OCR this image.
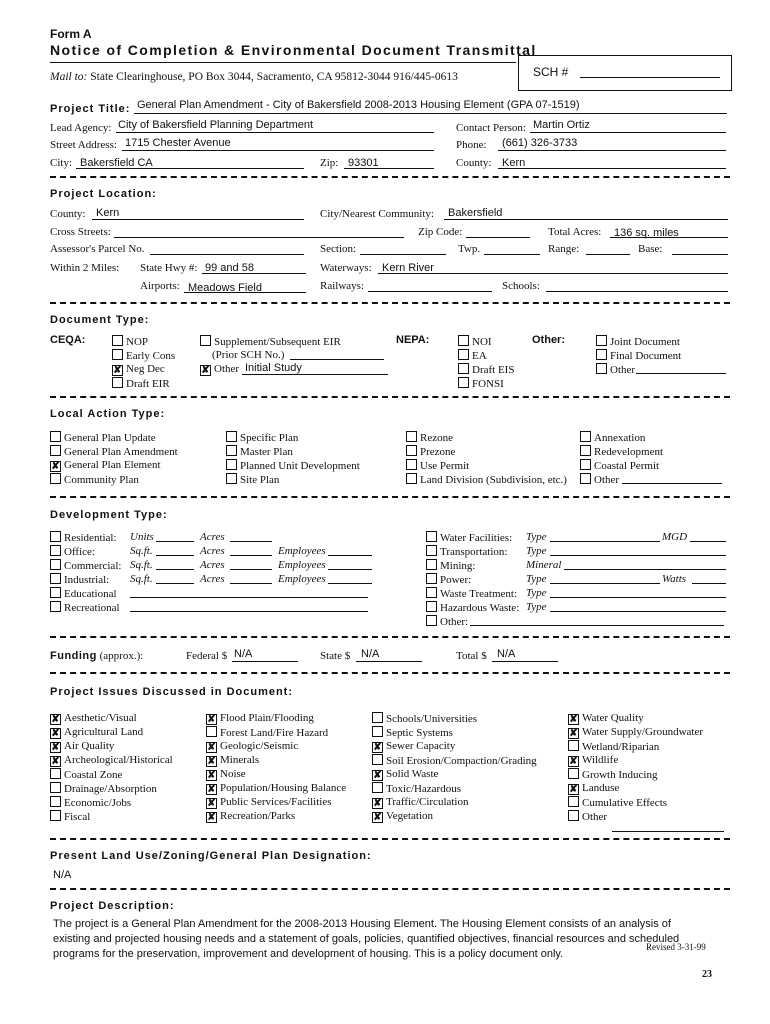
Form A
Notice of Completion & Environmental Document Transmittal
Mail to: State Clearinghouse, PO Box 3044, Sacramento, CA 95812-3044 916/445-0613	SCH #
Project Title: General Plan Amendment - City of Bakersfield 2008-2013 Housing Element (GPA 07-1519)
Lead Agency: City of Bakersfield Planning Department	Contact Person: Martin Ortiz
Street Address: 1715 Chester Avenue	Phone: (661) 326-3733
City: Bakersfield CA	Zip: 93301	County: Kern
Project Location:
County: Kern	City/Nearest Community: Bakersfield
Cross Streets:	Zip Code:	Total Acres: 136 sq. miles
Assessor's Parcel No.	Section:	Twp.	Range:	Base:
Within 2 Miles: State Hwy #: 99 and 58	Waterways: Kern River
Airports: Meadows Field	Railways:	Schools:
Document Type:
CEQA:	NOP
Early Cons
✘ Neg Dec
Draft EIR
Supplement/Subsequent EIR
(Prior SCH No.)
✘ Other Initial Study
NEPA:	NOI
EA
Draft EIS
FONSI
Other:	Joint Document
Final Document
Other
Local Action Type:
General Plan Update
General Plan Amendment
✘ General Plan Element
Community Plan
Specific Plan
Master Plan
Planned Unit Development
Site Plan
Rezone
Prezone
Use Permit
Land Division (Subdivision, etc.)
Annexation
Redevelopment
Coastal Permit
Other
Development Type:
Residential: Units	Acres
Office:	Sq.ft.	Acres	Employees
Commercial: Sq.ft.	Acres	Employees
Industrial: Sq.ft.	Acres	Employees
Educational
Recreational
Water Facilities: Type	MGD
Transportation: Type
Mining:	Mineral
Power:	Type	Watts
Waste Treatment: Type
Hazardous Waste: Type
Other:
Funding (approx.):	Federal $ N/A	State $ N/A	Total $ N/A
Project Issues Discussed in Document:
✘ Aesthetic/Visual
✘ Agricultural Land
✘ Air Quality
✘ Archeological/Historical
Coastal Zone
Drainage/Absorption
Economic/Jobs
Fiscal
✘ Flood Plain/Flooding
Forest Land/Fire Hazard
✘ Geologic/Seismic
✘ Minerals
✘ Noise
✘ Population/Housing Balance
✘ Public Services/Facilities
✘ Recreation/Parks
Schools/Universities
Septic Systems
✘ Sewer Capacity
Soil Erosion/Compaction/Grading
✘ Solid Waste
Toxic/Hazardous
✘ Traffic/Circulation
✘ Vegetation
✘ Water Quality
✘ Water Supply/Groundwater
Wetland/Riparian
✘ Wildlife
Growth Inducing
✘ Landuse
Cumulative Effects
Other
Present Land Use/Zoning/General Plan Designation:
N/A
Project Description:
The project is a General Plan Amendment for the 2008-2013 Housing Element. The Housing Element consists of an analysis of
existing and projected housing needs and a statement of goals, policies, quantified objectives, financial resources and scheduled
programs for the preservation, improvement and development of housing. This is a policy document only.
Revised 3-31-99
23
